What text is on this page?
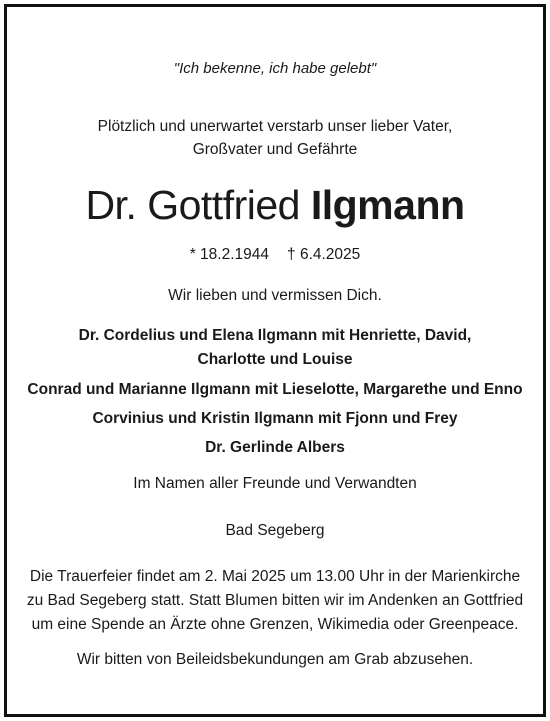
"Ich bekenne, ich habe gelebt"
Plötzlich und unerwartet verstarb unser lieber Vater,
Großvater und Gefährte
Dr. Gottfried Ilgmann
* 18.2.1944 † 6.4.2025
Wir lieben und vermissen Dich.
Dr. Cordelius und Elena Ilgmann mit Henriette, David,
Charlotte und Louise
Conrad und Marianne Ilgmann mit Lieselotte, Margarethe und Enno
Corvinius und Kristin Ilgmann mit Fjonn und Frey
Dr. Gerlinde Albers
Im Namen aller Freunde und Verwandten
Bad Segeberg
Die Trauerfeier findet am 2. Mai 2025 um 13.00 Uhr in der Marienkirche
zu Bad Segeberg statt. Statt Blumen bitten wir im Andenken an Gottfried
um eine Spende an Ärzte ohne Grenzen, Wikimedia oder Greenpeace.
Wir bitten von Beileidsbekundungen am Grab abzusehen.
